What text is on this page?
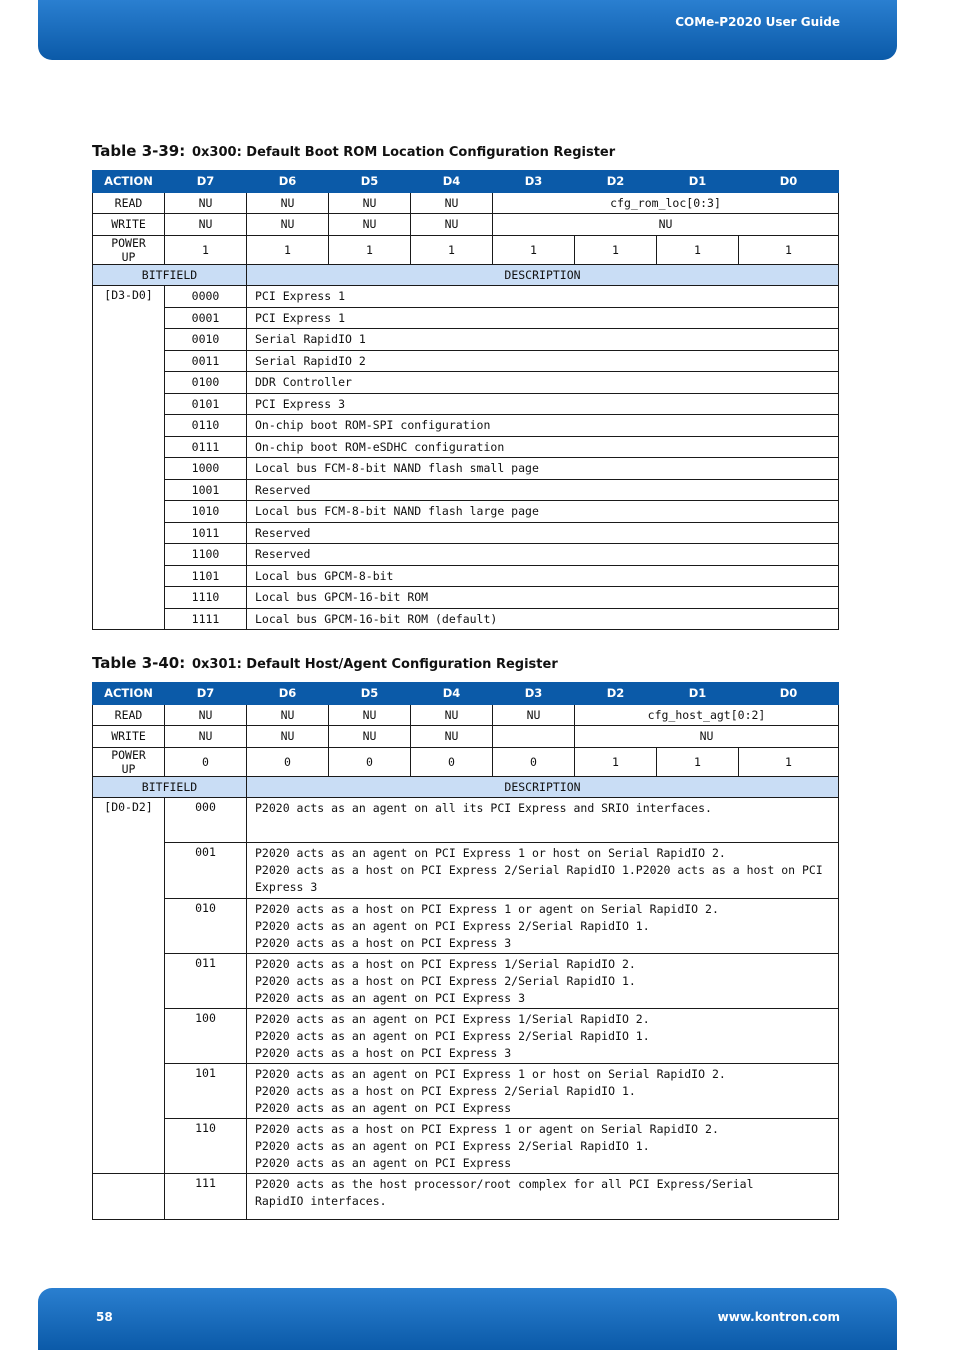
COMe-P2020 User Guide
Table 3-39: 0x300: Default Boot ROM Location Configuration Register
ACTION	D7	D6	D5	D4	D3	D2	D1	D0
READ	NU	NU	NU	NU	cfg_rom_loc[0:3]			
WRITE	NU	NU	NU	NU	NU			
POWER UP	1	1	1	1	1	1	1	1
BITFIELD		DESCRIPTION						
[D3-D0]	0000	PCI Express 1						
	0001	PCI Express 1						
	0010	Serial RapidIO 1						
	0011	Serial RapidIO 2						
	0100	DDR Controller						
	0101	PCI Express 3						
	0110	On-chip boot ROM-SPI configuration						
	0111	On-chip boot ROM-eSDHC configuration						
	1000	Local bus FCM-8-bit NAND flash small page						
	1001	Reserved						
	1010	Local bus FCM-8-bit NAND flash large page						
	1011	Reserved						
	1100	Reserved						
	1101	Local bus GPCM-8-bit						
	1110	Local bus GPCM-16-bit ROM						
	1111	Local bus GPCM-16-bit ROM (default)						
Table 3-40: 0x301: Default Host/Agent Configuration Register
ACTION	D7	D6	D5	D4	D3	D2	D1	D0
READ	NU	NU	NU	NU	NU	cfg_host_agt[0:2]		
WRITE	NU	NU	NU	NU		NU		
POWER UP	0	0	0	0	0	1	1	1
BITFIELD		DESCRIPTION						
[D0-D2]	000	P2020 acts as an agent on all its PCI Express and SRIO interfaces.						

	001	P2020 acts as an agent on PCI Express 1 or host on Serial RapidIO 2.
P2020 acts as a host on PCI Express 2/Serial RapidIO 1.P2020 acts as a host on PCI Express 3						

	010	P2020 acts as a host on PCI Express 1 or agent on Serial RapidIO 2.
P2020 acts as an agent on PCI Express 2/Serial RapidIO 1.
P2020 acts as a host on PCI Express 3						

	011	P2020 acts as a host on PCI Express 1/Serial RapidIO 2.
P2020 acts as a host on PCI Express 2/Serial RapidIO 1.
P2020 acts as an agent on PCI Express 3						

	100	P2020 acts as an agent on PCI Express 1/Serial RapidIO 2.
P2020 acts as an agent on PCI Express 2/Serial RapidIO 1.
P2020 acts as a host on PCI Express 3						

	101	P2020 acts as an agent on PCI Express 1 or host on Serial RapidIO 2.
P2020 acts as a host on PCI Express 2/Serial RapidIO 1.
P2020 acts as an agent on PCI Express						

	110	P2020 acts as a host on PCI Express 1 or agent on Serial RapidIO 2.
P2020 acts as an agent on PCI Express 2/Serial RapidIO 1.
P2020 acts as an agent on PCI Express						

	111	P2020 acts as the host processor/root complex for all PCI Express/Serial
RapidIO interfaces.						
58	www.kontron.com
